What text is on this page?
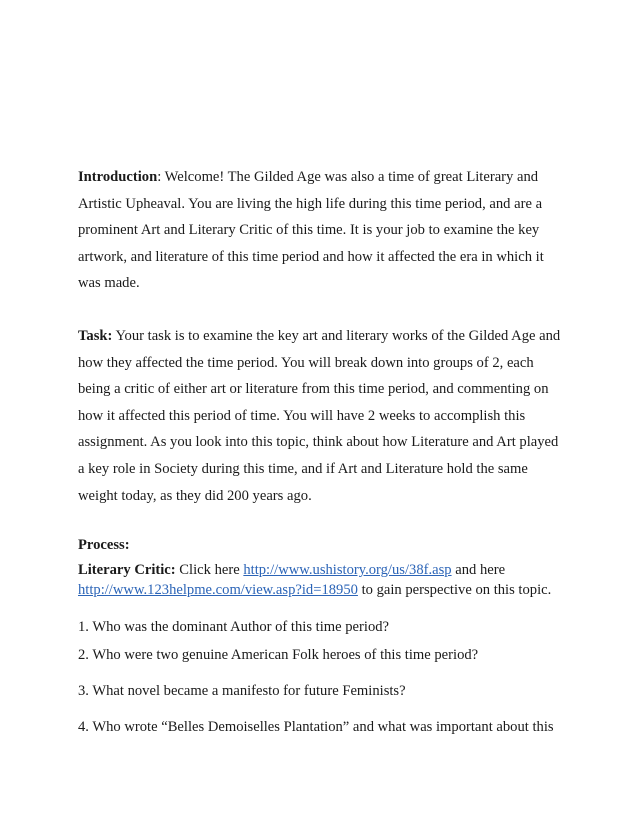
Introduction: Welcome! The Gilded Age was also a time of great Literary and Artistic Upheaval. You are living the high life during this time period, and are a prominent Art and Literary Critic of this time. It is your job to examine the key artwork, and literature of this time period and how it affected the era in which it was made.

Task: Your task is to examine the key art and literary works of the Gilded Age and how they affected the time period. You will break down into groups of 2, each being a critic of either art or literature from this time period, and commenting on how it affected this period of time. You will have 2 weeks to accomplish this assignment. As you look into this topic, think about how Literature and Art played a key role in Society during this time, and if Art and Literature hold the same weight today, as they did 200 years ago.

Process:

Literary Critic: Click here http://www.ushistory.org/us/38f.asp and here
http://www.123helpme.com/view.asp?id=18950 to gain perspective on this topic.

1. Who was the dominant Author of this time period?

2. Who were two genuine American Folk heroes of this time period?

3. What novel became a manifesto for future Feminists?

4. Who wrote “Belles Demoiselles Plantation” and what was important about this
